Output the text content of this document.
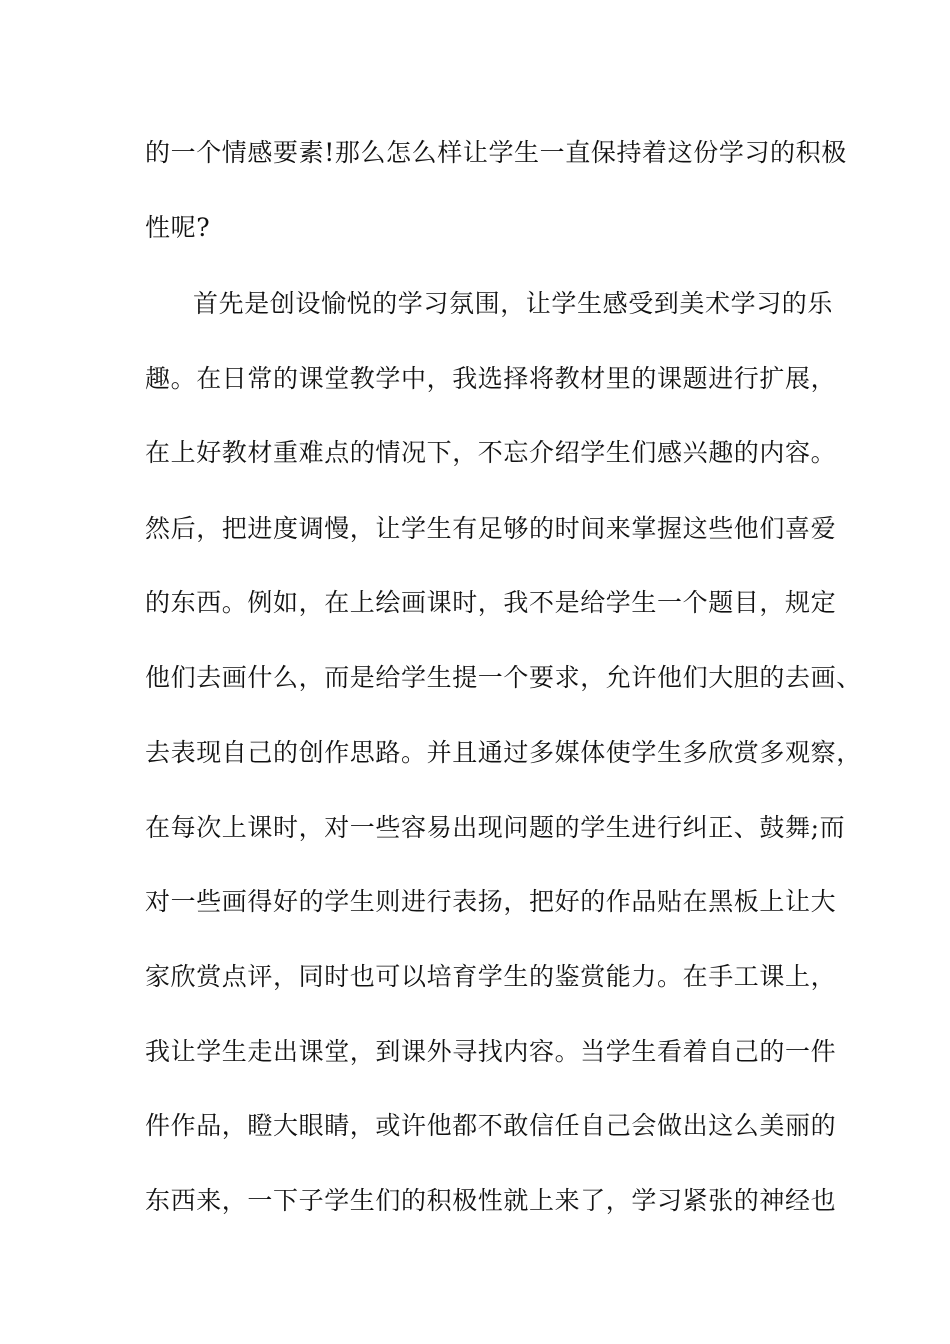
的一个情感要素!那么怎么样让学生一直保持着这份学习的积极
性呢?
首先是创设愉悦的学习氛围，让学生感受到美术学习的乐
趣。在日常的课堂教学中，我选择将教材里的课题进行扩展，
在上好教材重难点的情况下，不忘介绍学生们感兴趣的内容。
然后，把进度调慢，让学生有足够的时间来掌握这些他们喜爱
的东西。例如，在上绘画课时，我不是给学生一个题目，规定
他们去画什么，而是给学生提一个要求，允许他们大胆的去画、
去表现自己的创作思路。并且通过多媒体使学生多欣赏多观察，
在每次上课时，对一些容易出现问题的学生进行纠正、鼓舞;而
对一些画得好的学生则进行表扬，把好的作品贴在黑板上让大
家欣赏点评，同时也可以培育学生的鉴赏能力。在手工课上，
我让学生走出课堂，到课外寻找内容。当学生看着自己的一件
件作品，瞪大眼睛，或许他都不敢信任自己会做出这么美丽的
东西来，一下子学生们的积极性就上来了，学习紧张的神经也
